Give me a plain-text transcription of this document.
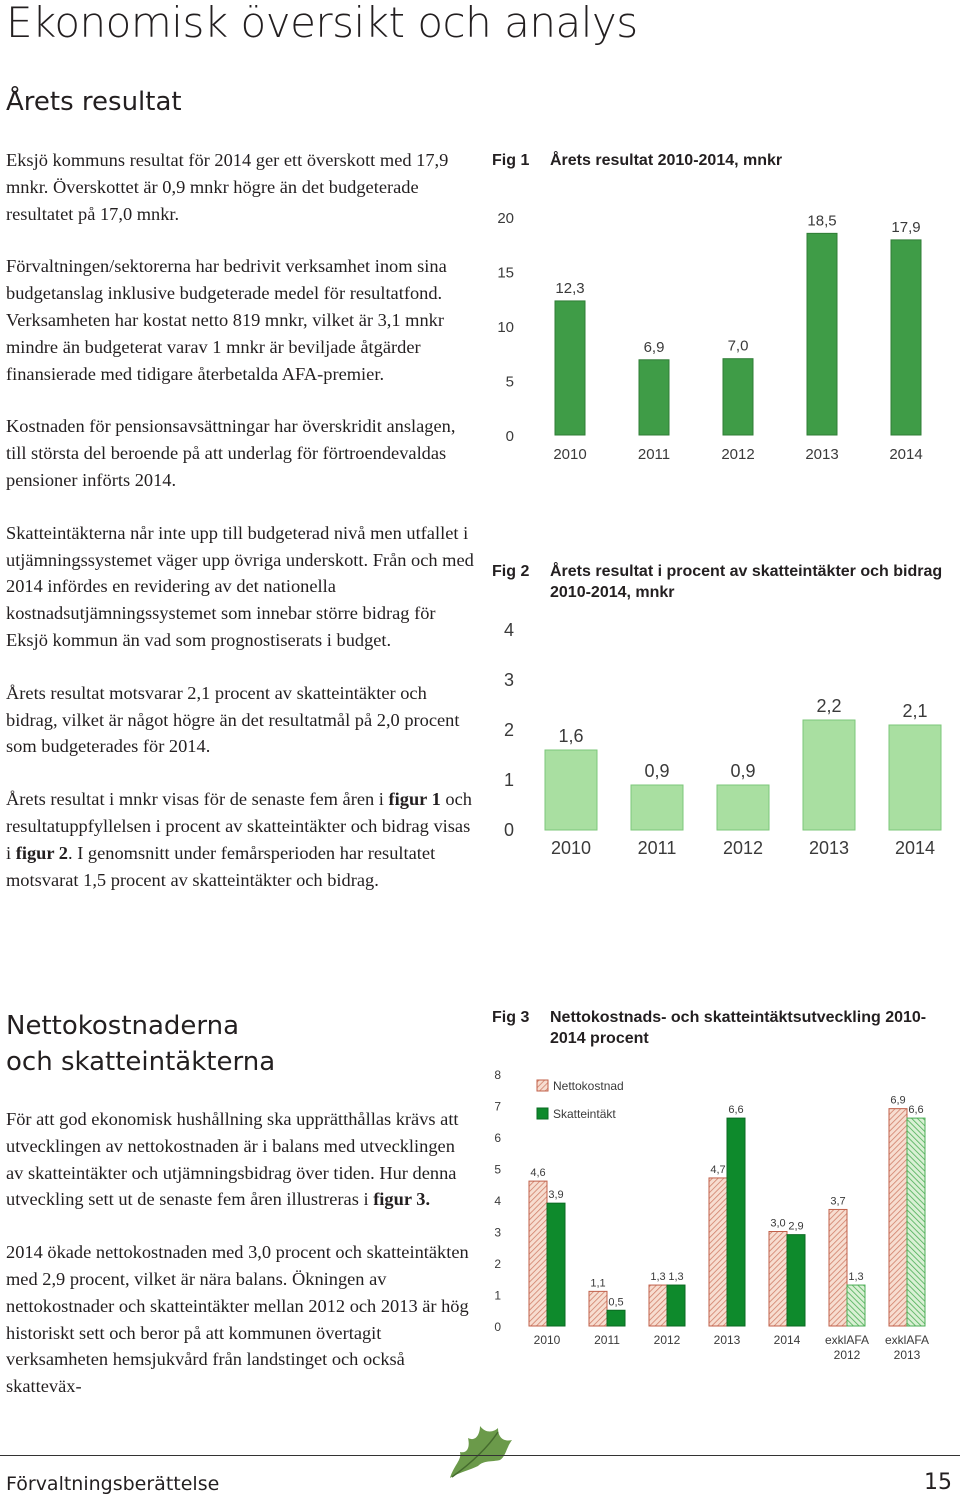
Ekonomisk översikt och analys
Årets resultat

Eksjö kommuns resultat för 2014 ger ett överskott med 17,9 mnkr. Överskottet är 0,9 mnkr högre än det budgeterade resultatet på 17,0 mnkr.

Förvaltningen/sektorerna har bedrivit verksamhet inom sina budgetanslag inklusive budgeterade medel för resultatfond. Verksamheten har kostat netto 819 mnkr, vilket är 3,1 mnkr mindre än budgeterat varav 1 mnkr är beviljade åtgärder finansierade med tidigare återbetalda AFA-premier.

Kostnaden för pensionsavsättningar har överskridit anslagen, till största del beroende på att underlag för förtroendevaldas pensioner införts 2014.

Skatteintäkterna når inte upp till budgeterad nivå men utfallet i utjämningssystemet väger upp övriga underskott. Från och med 2014 infördes en revidering av det nationella kostnadsutjämningssystemet som innebar större bidrag för Eksjö kommun än vad som prognostiserats i budget.

Årets resultat motsvarar 2,1 procent av skatteintäkter och bidrag, vilket är något högre än det resultatmål på 2,0 procent som budgeterades för 2014.

Årets resultat i mnkr visas för de senaste fem åren i figur 1 och resultatuppfyllelsen i procent av skatteintäkter och bidrag visas i figur 2. I genomsnitt under femårsperioden har resultatet motsvarat 1,5 procent av skatteintäkter och bidrag.

Nettokostnaderna
och skatteintäkterna

För att god ekonomisk hushållning ska upprätthållas krävs att utvecklingen av nettokostnaden är i balans med utvecklingen av skatteintäkter och utjämningsbidrag över tiden. Hur denna utveckling sett ut de senaste fem åren illustreras i figur 3.

2014 ökade nettokostnaden med 3,0 procent och skatteintäkten med 2,9 procent, vilket är nära balans. Ökningen av nettokostnader och skatteintäkter mellan 2012 och 2013 är hög historiskt sett och beror på att kommunen övertagit verksamheten hemsjukvård från landstinget och också skatteväx-

Fig 1	Årets resultat 2010-2014, mnkr
0
5
10
15
20
12,3
2010
6,9
2011
7,0
2012
18,5
2013
17,9
2014
Fig 2	Årets resultat i procent av skatteintäkter och bidrag 2010-2014, mnkr
0
1
2
3
4
1,6
2010
0,9
2011
0,9
2012
2,2
2013
2,1
2014
Fig 3	Nettokostnads- och skatteintäktsutveckling 2010-2014 procent
0
1
2
3
4
5
6
7
8
4,6
3,9
2010
1,1
0,5
2011
1,3 1,3
2012
4,7
6,6
2013
3,0 2,9
2014
3,7
1,3
exklAFA
2012
6,9
6,6
exklAFA
2013
Nettokostnad
Skatteintäkt
Förvaltningsberättelse	15
